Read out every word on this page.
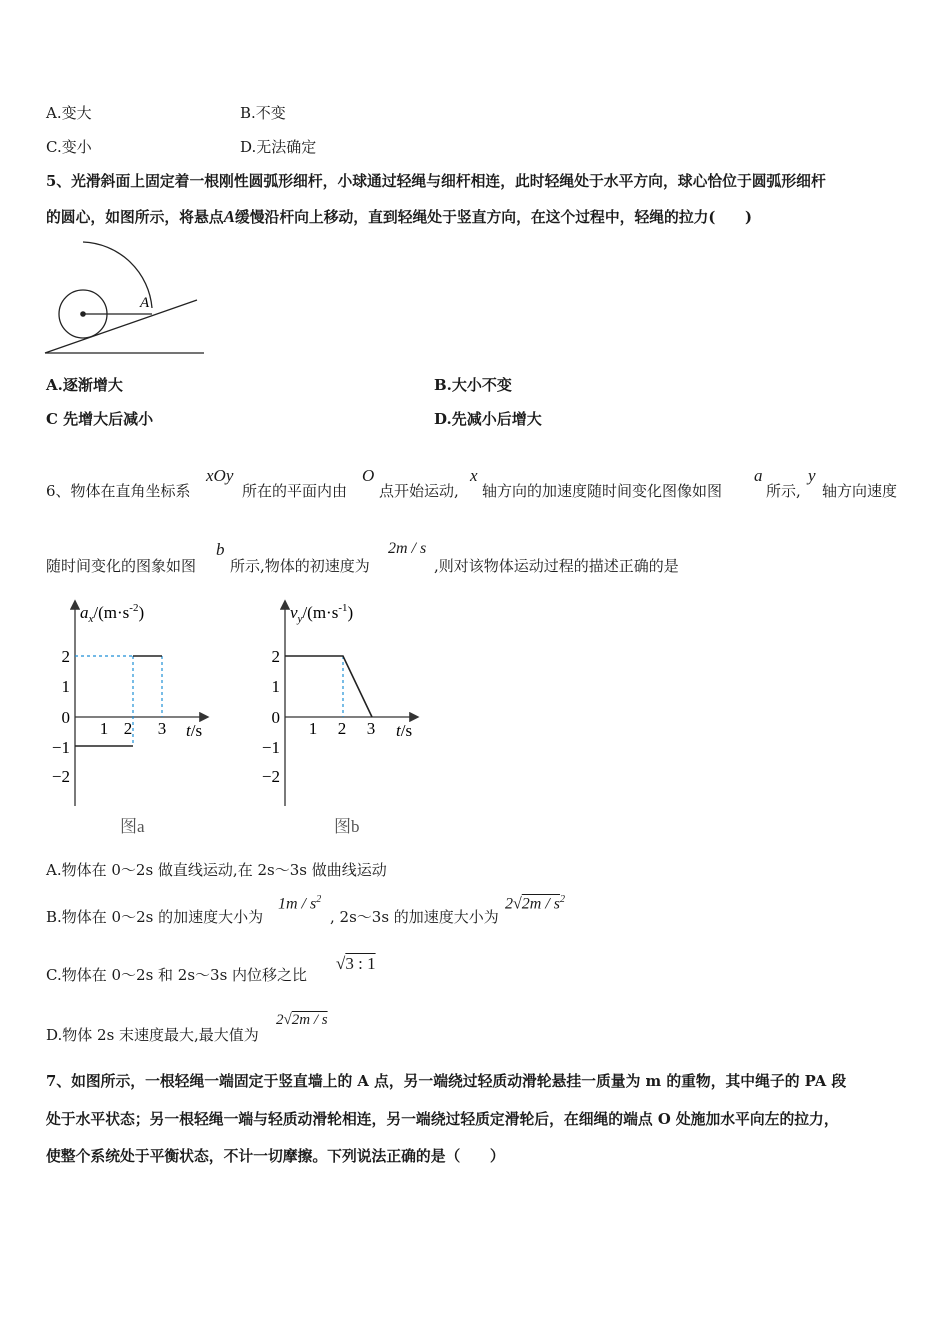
A.变大	B.不变
C.变小	D.无法确定
5、光滑斜面上固定着一根刚性圆弧形细杆，小球通过轻绳与细杆相连，此时轻绳处于水平方向，球心恰位于圆弧形细杆
的圆心，如图所示，将悬点A缓慢沿杆向上移动，直到轻绳处于竖直方向，在这个过程中，轻绳的拉力(　　)
A
A.逐渐增大	B.大小不变
C 先增大后减小	D.先减小后增大
6、物体在直角坐标系
xOy
所在的平面内由
O
点开始运动,
x
轴方向的加速度随时间变化图像如图
a
所示,
y
轴方向速度
随时间变化的图象如图
b
所示,物体的初速度为
2m / s
,则对该物体运动过程的描述正确的是
$a_x/(m\cdot s^{-2})$
t/s
2
1
0
−1
−2
1 2 3
图a
$v_y/(m\cdot s^{-1})$
t/s
2
1
0
−1
−2
1 2 3
图b
A.物体在 0～2s 做直线运动,在 2s～3s 做曲线运动
B.物体在 0～2s 的加速度大小为
$1m / s^2$
, 2s～3s 的加速度大小为
$2√2m / s^2$
C.物体在 0～2s 和 2s～3s 内位移之比
√3 : 1
D.物体 2s 末速度最大,最大值为
2√2m / s
7、如图所示，一根轻绳一端固定于竖直墙上的 A 点，另一端绕过轻质动滑轮悬挂一质量为 m 的重物，其中绳子的 PA 段
处于水平状态；另一根轻绳一端与轻质动滑轮相连，另一端绕过轻质定滑轮后，在细绳的端点 O 处施加水平向左的拉力，
使整个系统处于平衡状态，不计一切摩擦。下列说法正确的是（　　）
